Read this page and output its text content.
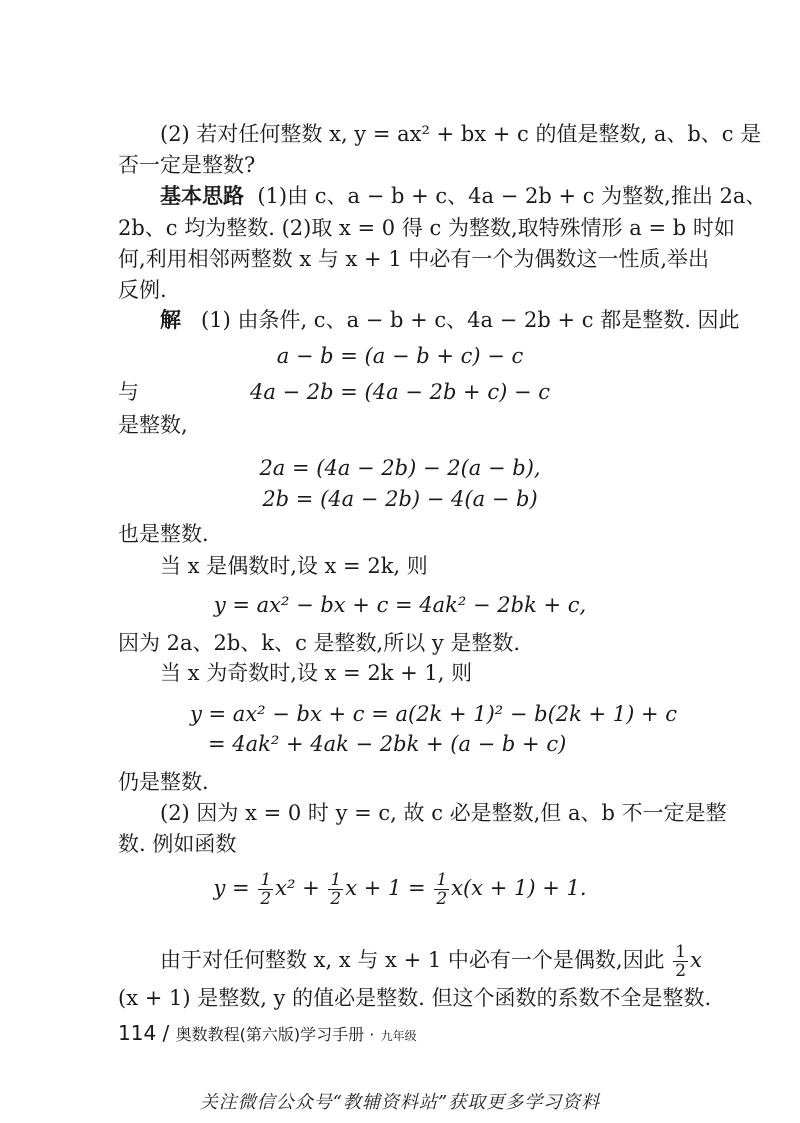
(2) 若对任何整数 x, y = ax² + bx + c 的值是整数, a、b、c 是
否一定是整数?
基本思路 (1)由 c、a − b + c、4a − 2b + c 为整数,推出 2a、
2b、c 均为整数. (2)取 x = 0 得 c 为整数,取特殊情形 a = b 时如
何,利用相邻两整数 x 与 x + 1 中必有一个为偶数这一性质,举出
反例.
解 (1) 由条件, c、a − b + c、4a − 2b + c 都是整数. 因此
a − b = (a − b + c) − c
与	4a − 2b = (4a − 2b + c) − c
是整数,
2a = (4a − 2b) − 2(a − b),
2b = (4a − 2b) − 4(a − b)
也是整数.
当 x 是偶数时,设 x = 2k, 则
y = ax² − bx + c = 4ak² − 2bk + c,
因为 2a、2b、k、c 是整数,所以 y 是整数.
当 x 为奇数时,设 x = 2k + 1, 则
y = ax² − bx + c = a(2k + 1)² − b(2k + 1) + c
= 4ak² + 4ak − 2bk + (a − b + c)
仍是整数.
(2) 因为 x = 0 时 y = c, 故 c 必是整数,但 a、b 不一定是整
数. 例如函数
$y = \frac{1}{2} x^2 + \frac{1}{2}$ $x + 1 = \frac{1}{2} x(x + 1) + 1$.
由于对任何整数 x, x 与 x + 1 中必有一个是偶数,因此 $\frac{1}{2}$ x
(x + 1) 是整数, y 的值必是整数. 但这个函数的系数不全是整数.
114 / 奥数教程(第六版)学习手册 · 九年级
关注微信公众号“教辅资料站”获取更多学习资料
